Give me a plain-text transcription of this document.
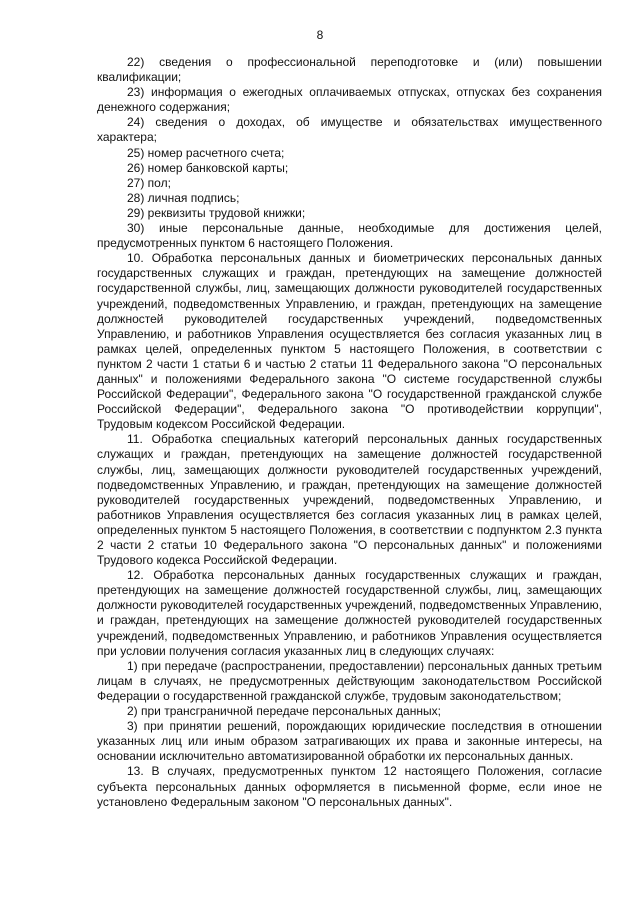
8

22) сведения о профессиональной переподготовке и (или) повышении квалификации;

23) информация о ежегодных оплачиваемых отпусках, отпусках без сохранения денежного содержания;

24) сведения о доходах, об имуществе и обязательствах имущественного характера;

25) номер расчетного счета;

26) номер банковской карты;

27) пол;

28) личная подпись;

29) реквизиты трудовой книжки;

30) иные персональные данные, необходимые для достижения целей, предусмотренных пунктом 6 настоящего Положения.

10. Обработка персональных данных и биометрических персональных данных государственных служащих и граждан, претендующих на замещение должностей государственной службы, лиц, замещающих должности руководителей государственных учреждений, подведомственных Управлению, и граждан, претендующих на замещение должностей руководителей государственных учреждений, подведомственных Управлению, и работников Управления осуществляется без согласия указанных лиц в рамках целей, определенных пунктом 5 настоящего Положения, в соответствии с пунктом 2 части 1 статьи 6 и частью 2 статьи 11 Федерального закона "О персональных данных" и положениями Федерального закона "О системе государственной службы Российской Федерации", Федерального закона "О государственной гражданской службе Российской Федерации", Федерального закона "О противодействии коррупции", Трудовым кодексом Российской Федерации.

11. Обработка специальных категорий персональных данных государственных служащих и граждан, претендующих на замещение должностей государственной службы, лиц, замещающих должности руководителей государственных учреждений, подведомственных Управлению, и граждан, претендующих на замещение должностей руководителей государственных учреждений, подведомственных Управлению, и работников Управления осуществляется без согласия указанных лиц в рамках целей, определенных пунктом 5 настоящего Положения, в соответствии с подпунктом 2.3 пункта 2 части 2 статьи 10 Федерального закона "О персональных данных" и положениями Трудового кодекса Российской Федерации.

12. Обработка персональных данных государственных служащих и граждан, претендующих на замещение должностей государственной службы, лиц, замещающих должности руководителей государственных учреждений, подведомственных Управлению, и граждан, претендующих на замещение должностей руководителей государственных учреждений, подведомственных Управлению, и работников Управления осуществляется при условии получения согласия указанных лиц в следующих случаях:

1) при передаче (распространении, предоставлении) персональных данных третьим лицам в случаях, не предусмотренных действующим законодательством Российской Федерации о государственной гражданской службе, трудовым законодательством;

2) при трансграничной передаче персональных данных;

3) при принятии решений, порождающих юридические последствия в отношении указанных лиц или иным образом затрагивающих их права и законные интересы, на основании исключительно автоматизированной обработки их персональных данных.

13. В случаях, предусмотренных пунктом 12 настоящего Положения, согласие субъекта персональных данных оформляется в письменной форме, если иное не установлено Федеральным законом "О персональных данных".
